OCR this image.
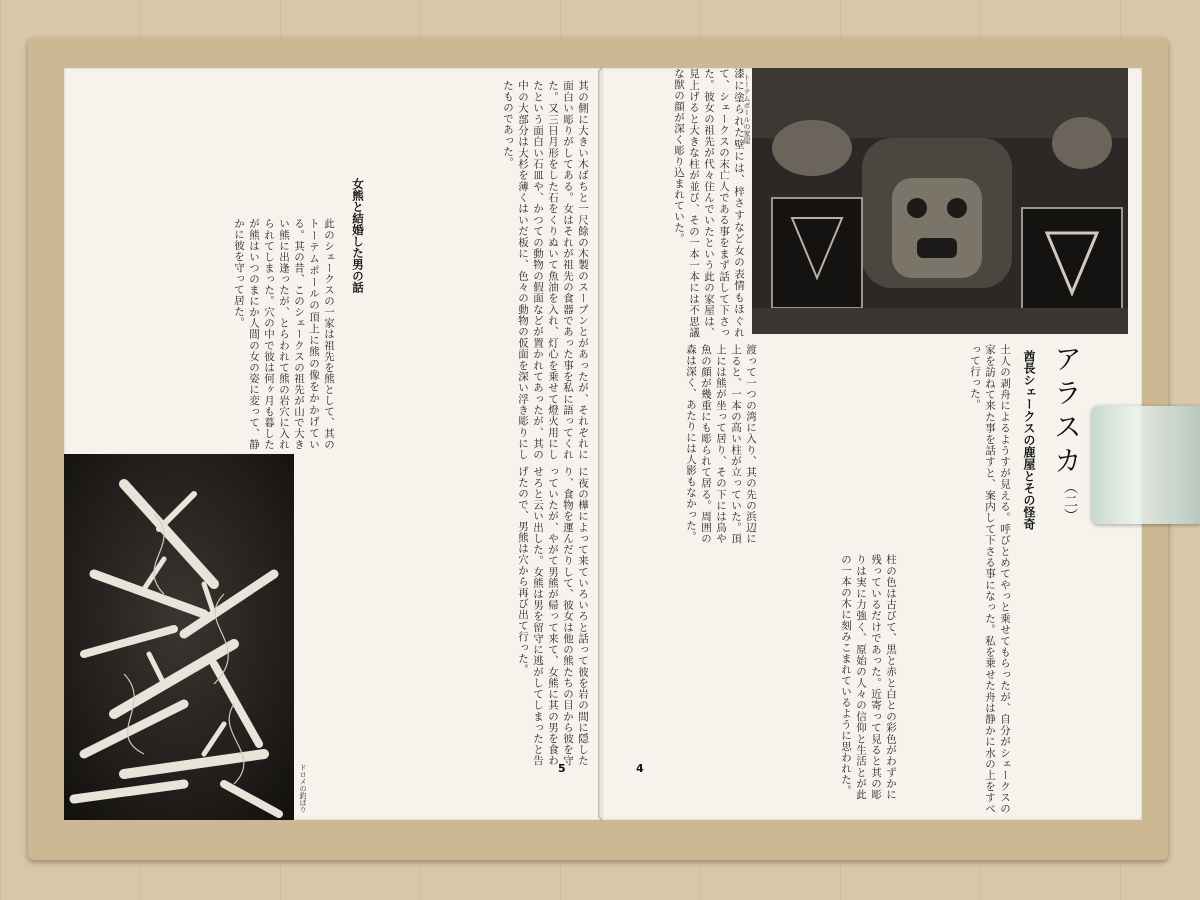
其の側に大きい木ばちと一尺餘の木製のスープンとがあったが、それぞれに面白い彫りがしてある。女はそれが祖先の食器であった事を私に語ってくれた。又三日月形をした石をくりぬいて魚油を入れ、灯心を乗せて燈火用にしたという面白い石皿や、かつての動物の假面などが置かれてあったが、其の中の大部分は大杉を薄くはいだ板に、色々の動物の仮面を深い浮き彫りにしたものであった。
女熊と結婚した男の話
此のシェークスの一家は祖先を熊として、其のトーテムポールの頂上に熊の像をかかげている。其の昔、このシェークスの祖先が山で大きい熊に出逢ったが、とらわれて熊の岩穴に入れられてしまった。穴の中で彼は何ヶ月も暮したが熊はいつのまにか人間の女の姿に変って、静かに彼を守って居た。
に夜の樺によって来ていろいろと話って彼を岩の間に隠したり、食物を運んだりして、彼女は他の熊たちの目から彼を守っていたが、やがて男熊が帰って来て、女熊に其の男を食わせろと云い出した。女熊は男を留守に逃がしてしまったと告げたので、男熊は穴から再び出て行った。
ドロメの釣ばり	5
トーテムポールの家屋
漆に塗られた壁には、梓さすなど女の表情もほぐれて、シェークスの末亡人である事をまず話して下さった。彼女の祖先が代々住んでいたという此の家屋は、見上げると大きな柱が並び、その一本一本には不思議な獣の顔が深く彫り込まれていた。
アラスカ
（二）
酋長シェークスの鹿屋とその怪奇
土人の剥舟によるようすが見える。呼びとめてやっと乗せてもらったが、自分がシェークスの家を訪ねて来た事を話すと、案内して下さる事になった。私を乗せた舟は静かに水の上をすべって行った。
渡って一つの湾に入り、其の先の浜辺に上ると、一本の高い柱が立っていた。頂上には熊が坐って居り、その下には鳥や魚の顔が幾重にも彫られて居る。周囲の森は深く、あたりには人影もなかった。
柱の色は古びて、黒と赤と白との彩色がわずかに残っているだけであった。近寄って見ると其の彫りは実に力強く、原始の人々の信仰と生活とが此の一本の木に刻みこまれているように思われた。
4
